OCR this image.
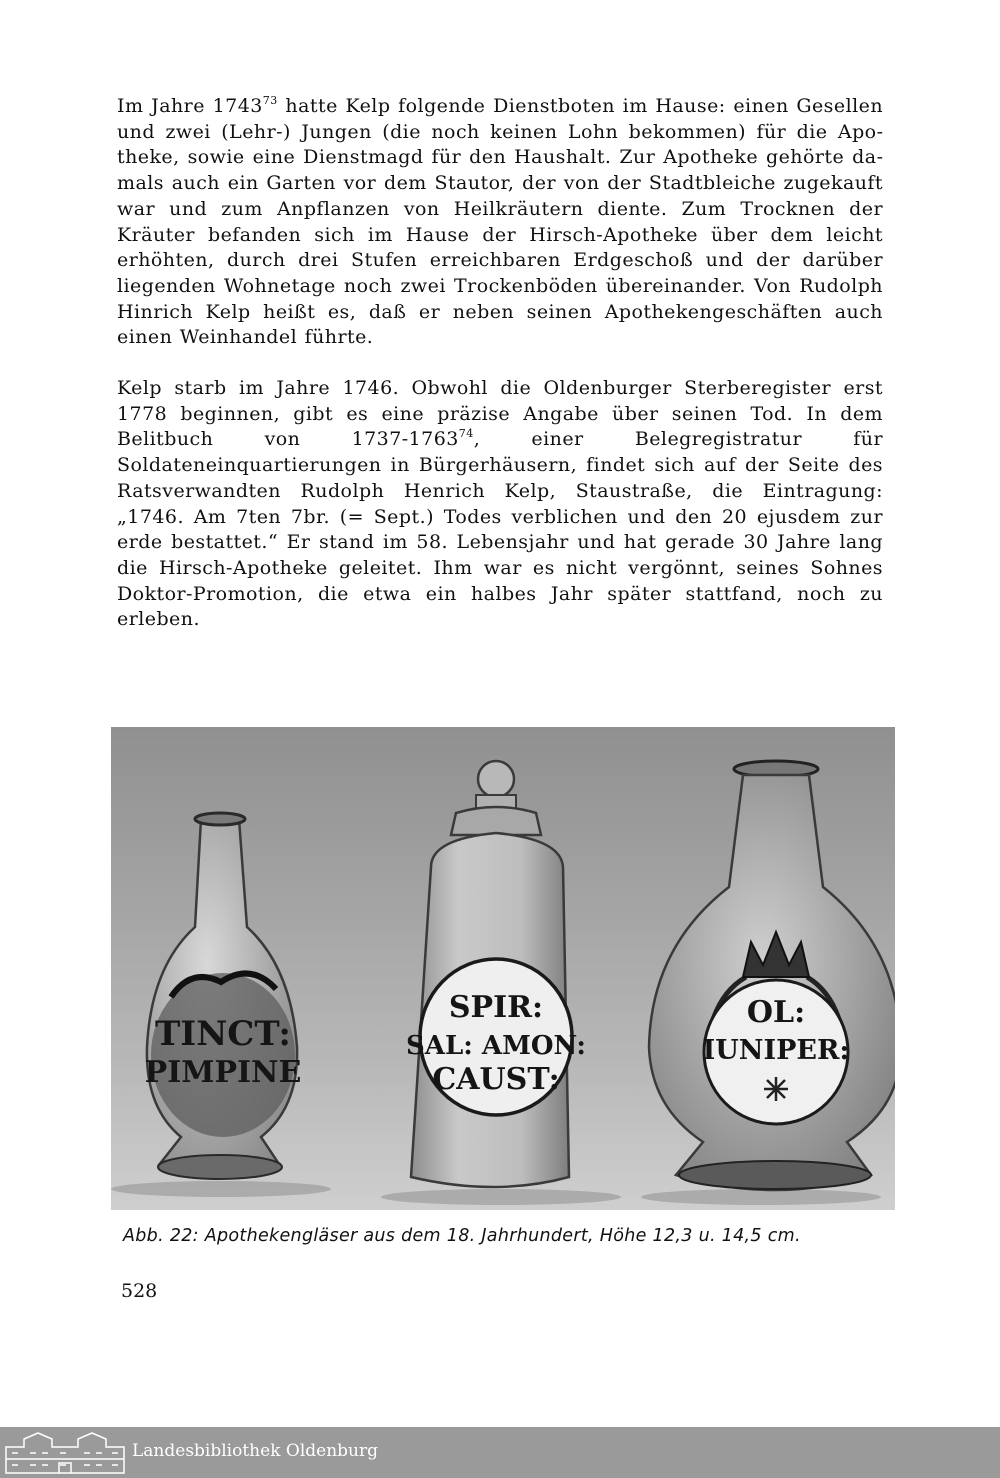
Im Jahre 1743$^{73}$ hatte Kelp folgende Dienstboten im Hause: einen Gesellen und zwei (Lehr-) Jungen (die noch keinen Lohn bekommen) für die Apotheke, sowie eine Dienstmagd für den Haushalt. Zur Apotheke gehörte damals auch ein Garten vor dem Stautor, der von der Stadtbleiche zugekauft war und zum Anpflanzen von Heilkräutern diente. Zum Trocknen der Kräuter befanden sich im Hause der Hirsch-Apotheke über dem leicht erhöhten, durch drei Stufen erreichbaren Erdgeschoß und der darüber liegenden Wohnetage noch zwei Trockenböden übereinander. Von Rudolph Hinrich Kelp heißt es, daß er neben seinen Apothekengeschäften auch einen Weinhandel führte.

Kelp starb im Jahre 1746. Obwohl die Oldenburger Sterberegister erst 1778 beginnen, gibt es eine präzise Angabe über seinen Tod. In dem Belitbuch von 1737-1763$^{74}$, einer Belegregistratur für Soldateneinquartierungen in Bürgerhäusern, findet sich auf der Seite des Ratsverwandten Rudolph Henrich Kelp, Staustraße, die Eintragung: „1746. Am 7ten 7br. (= Sept.) Todes verblichen und den 20 ejusdem zur erde bestattet.“ Er stand im 58. Lebensjahr und hat gerade 30 Jahre lang die Hirsch-Apotheke geleitet. Ihm war es nicht vergönnt, seines Sohnes Doktor-Promotion, die etwa ein halbes Jahr später stattfand, noch zu erleben.

TINCT:
PIMPINE
SPIR:
SAL: AMON:
CAUST:
OL:
IUNIPER:
Abb. 22: Apothekengläser aus dem 18. Jahrhundert, Höhe 12,3 u. 14,5 cm.
528
Landesbibliothek Oldenburg
